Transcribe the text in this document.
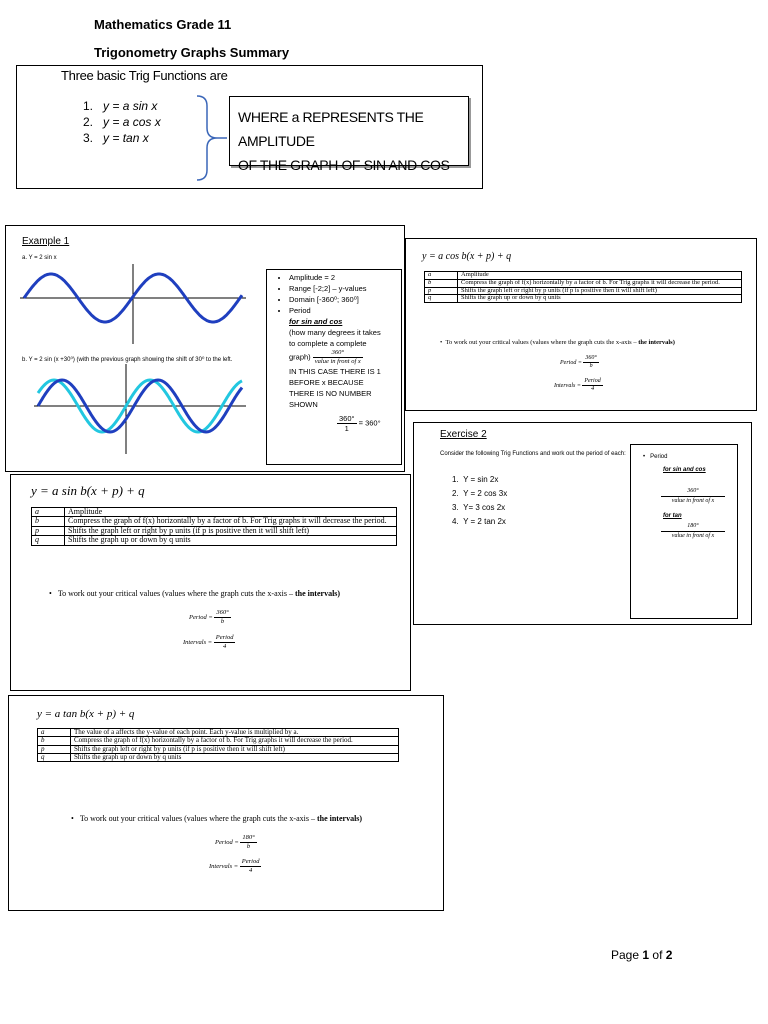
Mathematics Grade 11
Trigonometry Graphs Summary
Three basic Trig Functions are
1. y = a sin x
2. y = a cos x
3. y = tan x
WHERE a REPRESENTS THE AMPLITUDE
OF THE GRAPH OF SIN AND COS
Example 1
a. Y = 2 sin x
b. Y = 2 sin (x +30⁰) (with the previous graph showing the shift of 30⁰ to the left.
• Amplitude = 2
• Range [-2;2] – y-values
• Domain [-360⁰; 360⁰]
• Period
for sin and cos
(how many degrees it takes
to complete a complete
graph) $\frac{360^\circ}{\text{value in front of x}}$
IN THIS CASE THERE IS 1
BEFORE x BECAUSE
THERE IS NO NUMBER
SHOWN
$\frac{360^\circ}{1} = 360^\circ$
y = a cos b(x + p) + q
a	Amplitude
b	Compress the graph of f(x) horizontally by a factor of b. For Trig graphs it will decrease the period.
p	Shifts the graph left or right by p units (if p is positive then it will shift left)
q	Shifts the graph up or down by q units
•  To work out your critical values (values where the graph cuts the x-axis – the intervals)
Period = $\frac{360^\circ}{b}$
Intervals = $\frac{\text{Period}}{4}$
Exercise 2
Consider the following Trig Functions and work out the period of each:
1. Y = sin 2x
2. Y = 2 cos 3x
3. Y= 3 cos 2x
4. Y = 2 tan 2x
•   Period
for sin and cos
360°
value in front of x
for tan
180°
value in front of x
y = a sin b(x + p) + q
a	Amplitude
b	Compress the graph of f(x) horizontally by a factor of b. For Trig graphs it will decrease the period.
p	Shifts the graph left or right by p units (if p is positive then it will shift left)
q	Shifts the graph up or down by q units
•   To work out your critical values (values where the graph cuts the x-axis – the intervals)
Period = $\frac{360^\circ}{b}$
Intervals = $\frac{\text{Period}}{4}$
y = a tan b(x + p) + q
a	The value of a affects the y-value of each point. Each y-value is multiplied by a.
b	Compress the graph of f(x) horizontally by a factor of b. For Trig graphs it will decrease the period.
p	Shifts the graph left or right by p units (if p is positive then it will shift left)
q	Shifts the graph up or down by q units
•   To work out your critical values (values where the graph cuts the x-axis – the intervals)
Period = $\frac{180^\circ}{b}$
Intervals = $\frac{\text{Period}}{4}$
Page 1 of 2
